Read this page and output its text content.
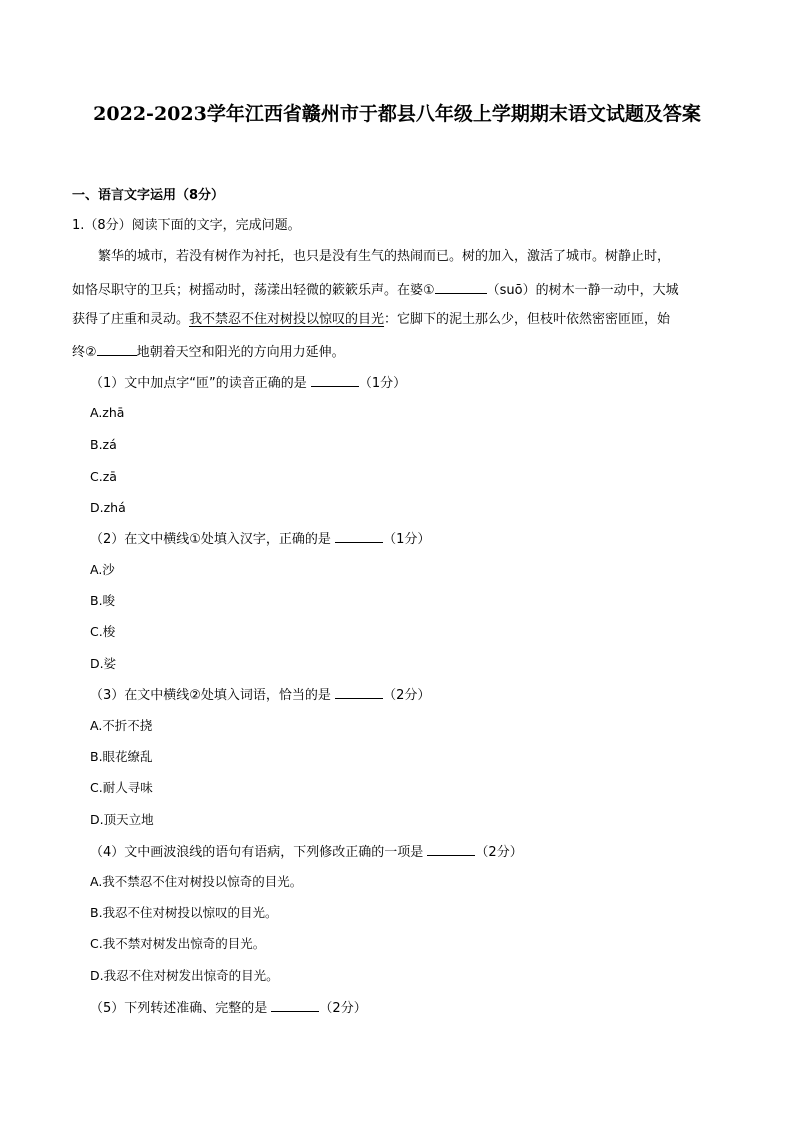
2022-2023学年江西省赣州市于都县八年级上学期期末语文试题及答案
一、语言文字运用（8分）
1.（8分）阅读下面的文字，完成问题。
繁华的城市，若没有树作为衬托，也只是没有生气的热闹而已。树的加入，激活了城市。树静止时，
如恪尽职守的卫兵；树摇动时，荡漾出轻微的簌簌乐声。在婆①	（suō）的树木一静一动中，大城
获得了庄重和灵动。我不禁忍不住对树投以惊叹的目光：它脚下的泥土那么少，但枝叶依然密密匝匝，始
终②	地朝着天空和阳光的方向用力延伸。
（1）文中加点字“匝”的读音正确的是	（1分）
A.zhā
B.zá
C.zā
D.zhá
（2）在文中横线①处填入汉字，正确的是	（1分）
A.沙
B.唆
C.梭
D.娑
（3）在文中横线②处填入词语，恰当的是	（2分）
A.不折不挠
B.眼花缭乱
C.耐人寻味
D.顶天立地
（4）文中画波浪线的语句有语病，下列修改正确的一项是	（2分）
A.我不禁忍不住对树投以惊奇的目光。
B.我忍不住对树投以惊叹的目光。
C.我不禁对树发出惊奇的目光。
D.我忍不住对树发出惊奇的目光。
（5）下列转述准确、完整的是	（2分）
